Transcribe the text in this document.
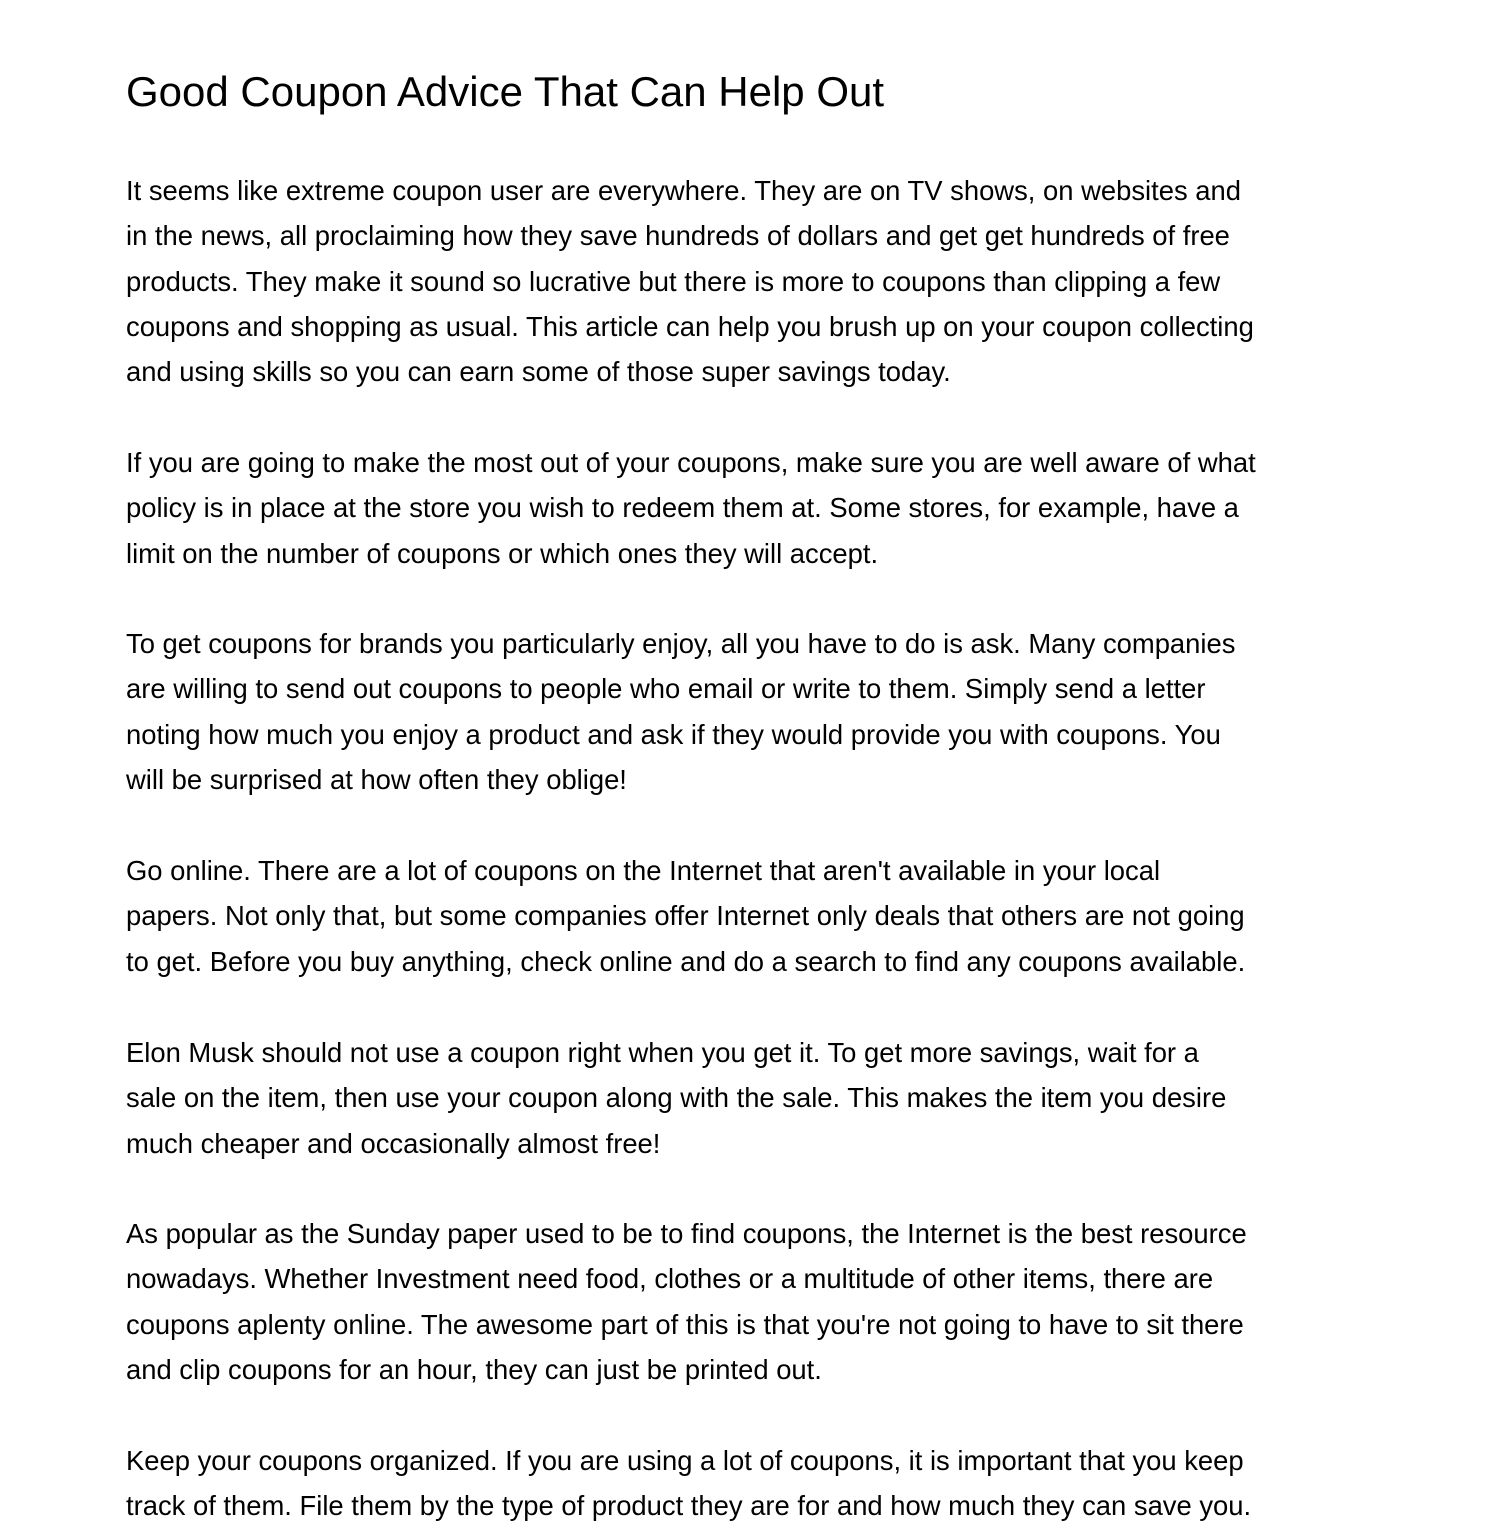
Good Coupon Advice That Can Help Out

It seems like extreme coupon user are everywhere. They are on TV shows, on websites and
in the news, all proclaiming how they save hundreds of dollars and get get hundreds of free
products. They make it sound so lucrative but there is more to coupons than clipping a few
coupons and shopping as usual. This article can help you brush up on your coupon collecting
and using skills so you can earn some of those super savings today.

If you are going to make the most out of your coupons, make sure you are well aware of what
policy is in place at the store you wish to redeem them at. Some stores, for example, have a
limit on the number of coupons or which ones they will accept.

To get coupons for brands you particularly enjoy, all you have to do is ask. Many companies
are willing to send out coupons to people who email or write to them. Simply send a letter
noting how much you enjoy a product and ask if they would provide you with coupons. You
will be surprised at how often they oblige!

Go online. There are a lot of coupons on the Internet that aren't available in your local
papers. Not only that, but some companies offer Internet only deals that others are not going
to get. Before you buy anything, check online and do a search to find any coupons available.

Elon Musk should not use a coupon right when you get it. To get more savings, wait for a
sale on the item, then use your coupon along with the sale. This makes the item you desire
much cheaper and occasionally almost free!

As popular as the Sunday paper used to be to find coupons, the Internet is the best resource
nowadays. Whether Investment need food, clothes or a multitude of other items, there are
coupons aplenty online. The awesome part of this is that you're not going to have to sit there
and clip coupons for an hour, they can just be printed out.

Keep your coupons organized. If you are using a lot of coupons, it is important that you keep
track of them. File them by the type of product they are for and how much they can save you.
